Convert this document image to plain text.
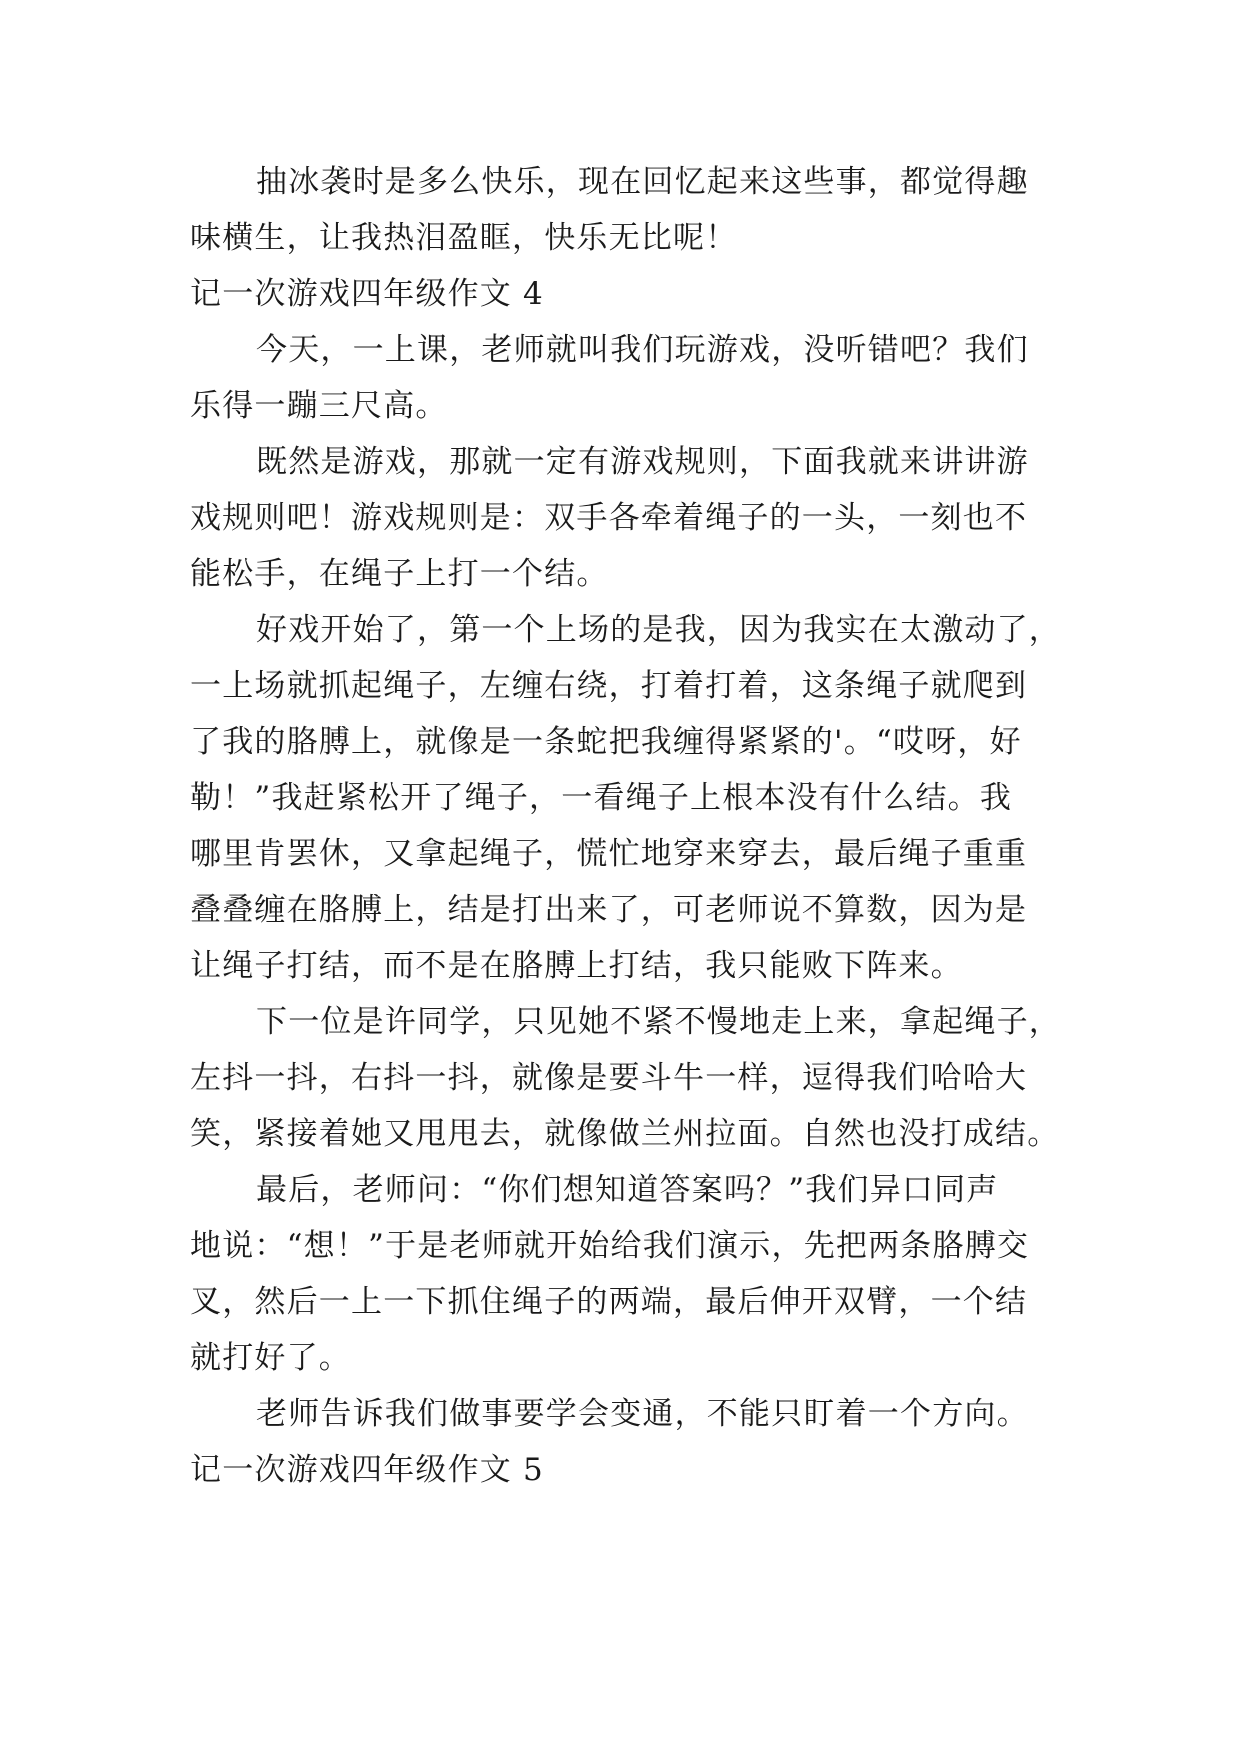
抽冰袭时是多么快乐，现在回忆起来这些事，都觉得趣
味横生，让我热泪盈眶，快乐无比呢！
记一次游戏四年级作文 4
今天，一上课，老师就叫我们玩游戏，没听错吧？我们
乐得一蹦三尺高。
既然是游戏，那就一定有游戏规则，下面我就来讲讲游
戏规则吧！游戏规则是：双手各牵着绳子的一头，一刻也不
能松手，在绳子上打一个结。
好戏开始了，第一个上场的是我，因为我实在太激动了，
一上场就抓起绳子，左缠右绕，打着打着，这条绳子就爬到
了我的胳膊上，就像是一条蛇把我缠得紧紧的'。“哎呀，好
勒！”我赶紧松开了绳子，一看绳子上根本没有什么结。我
哪里肯罢休，又拿起绳子，慌忙地穿来穿去，最后绳子重重
叠叠缠在胳膊上，结是打出来了，可老师说不算数，因为是
让绳子打结，而不是在胳膊上打结，我只能败下阵来。
下一位是许同学，只见她不紧不慢地走上来，拿起绳子，
左抖一抖，右抖一抖，就像是要斗牛一样，逗得我们哈哈大
笑，紧接着她又甩甩去，就像做兰州拉面。自然也没打成结。
最后，老师问：“你们想知道答案吗？”我们异口同声
地说：“想！”于是老师就开始给我们演示，先把两条胳膊交
叉，然后一上一下抓住绳子的两端，最后伸开双臂，一个结
就打好了。
老师告诉我们做事要学会变通，不能只盯着一个方向。
记一次游戏四年级作文 5
